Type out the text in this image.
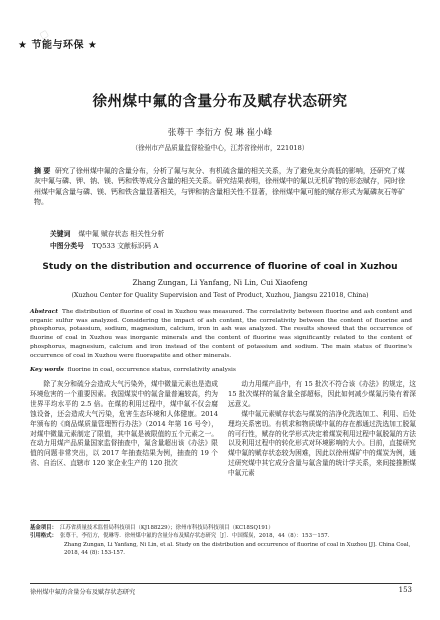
▢
★ 节能与环保 ★
徐州煤中氟的含量分布及赋存状态研究
张尊干 李衍方 倪 琳 崔小峰
（徐州市产品质量监督检验中心，江苏省徐州市，221018）
摘 要 研究了徐州煤中氟的含量分布，分析了氟与灰分、有机硫含量的相关关系，为了避免灰分高低的影响，还研究了煤灰中氟与磷、钾、钠、镁、钙和铁等成分含量的相关关系。研究结果表明，徐州煤中的氟以无机矿物的形态赋存，同时徐州煤中氟含量与磷、镁、钙和铁含量显著相关，与钾和钠含量相关性不显著，徐州煤中氟可能的赋存形式为氟磷灰石等矿物。
关键词 煤中氟 赋存状态 相关性分析
中图分类号 TQ533 文献标识码 A
Study on the distribution and occurrence of fluorine of coal in Xuzhou
Zhang Zungan, Li Yanfang, Ni Lin, Cui Xiaofeng
(Xuzhou Center for Quality Supervision and Test of Product, Xuzhou, Jiangsu 221018, China)
Abstract The distribution of fluorine of coal in Xuzhou was measured. The correlativity between fluorine and ash content and organic sulfur was analyzed. Considering the impact of ash content, the correlativity between the content of fluorine and phosphorus, potassium, sodium, magnesium, calcium, iron in ash was analyzed. The results showed that the occurrence of fluorine of coal in Xuzhou was inorganic minerals and the content of fluorine was significantly related to the content of phosphorus, magnesium, calcium and iron instead of the content of potassium and sodium. The main status of fluorine's occurrence of coal in Xuzhou were fluorapatite and other minerals.
Key words fluorine in coal, occurrence status, correlativity analysis

除了灰分和硫分会造成大气污染外，煤中微量元素也是造成环境危害的一个重要因素。我国煤炭中的氟含量普遍较高，约为世界平均水平的 2.5 倍。在煤的利用过程中，煤中氟不仅会腐蚀设备，还会造成大气污染，危害生态环境和人体健康。2014 年颁布的《商品煤质量管理暂行办法》（2014 年第 16 号令），对煤中微量元素制定了限值，其中氟是被限值的五个元素之一。在动力用煤产品质量国家监督抽查中，氟含量超出该《办法》限值的问题非常突出，以 2017 年抽查结果为例，抽查的 19 个省、自治区、直辖市 120 家企业生产的 120 批次

动力用煤产品中，有 15 批次不符合该《办法》的规定，这 15 批次煤样的氟含量全部超标，因此如何减少煤氟污染有着深远意义。

煤中氟元素赋存状态与煤炭的洁净化洗选加工、利用、后处理均关系密切。有机求和物质煤中氟的存在都通过洗选加工脱氟的可行性，赋存的化学形式决定着煤炭利用过程中氟脱氟的方法以及利用过程中的转化形式对环境影响的大小。目前，直接研究煤中氟的赋存状态较为困难，因此以徐州煤矿中的煤炭为例，通过研究煤中其它成分含量与氟含量的统计学关系，来间接推断煤中氟元素

基金项目： 江苏省质量技术监督局科技项目（KJ188229）；徐州市科技局科技项目（KC18SQ191）
引用格式： 张尊干，李衍方，倪琳等．徐州煤中氟的含量分布及赋存状态研究［J］．中国煤炭，2018，44（8）：153－157．
Zhang Zungan, Li Yanfang, Ni Lin, et al. Study on the distribution and occurrence of fluorine of coal in Xuzhou [J]. China Coal, 2018, 44 (8): 153-157.
徐州煤中氟的含量分布及赋存状态研究	153
